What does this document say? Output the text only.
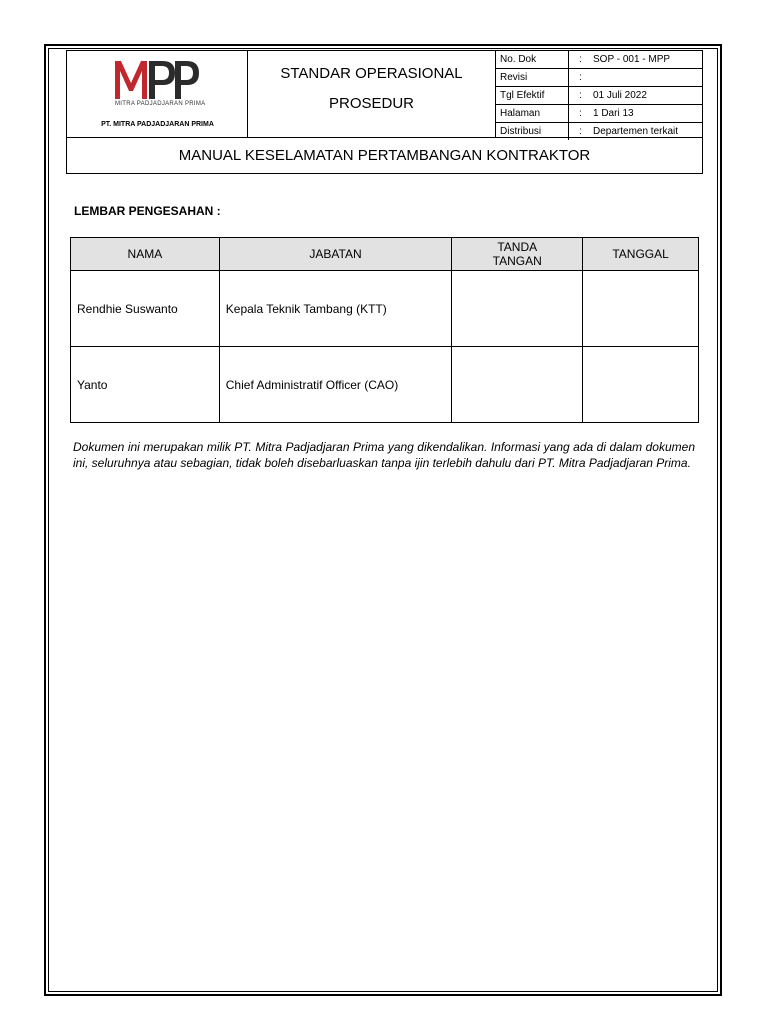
MITRA PADJADJARAN PRIMA
PT. MITRA PADJADJARAN PRIMA
STANDAR OPERASIONAL
PROSEDUR
No. Dok	:	SOP - 001 - MPP
Revisi	:	
Tgl Efektif	:	01 Juli 2022
Halaman	:	1 Dari 13
Distribusi	:	Departemen terkait
MANUAL KESELAMATAN PERTAMBANGAN KONTRAKTOR
LEMBAR PENGESAHAN :
NAMA	JABATAN	TANDA TANGAN	TANGGAL
Rendhie Suswanto	Kepala Teknik Tambang (KTT)		
Yanto	Chief Administratif Officer (CAO)		
Dokumen ini merupakan milik PT. Mitra Padjadjaran Prima yang dikendalikan. Informasi yang ada di dalam dokumen ini, seluruhnya atau sebagian, tidak boleh disebarluaskan tanpa ijin terlebih dahulu dari PT. Mitra Padjadjaran Prima.
